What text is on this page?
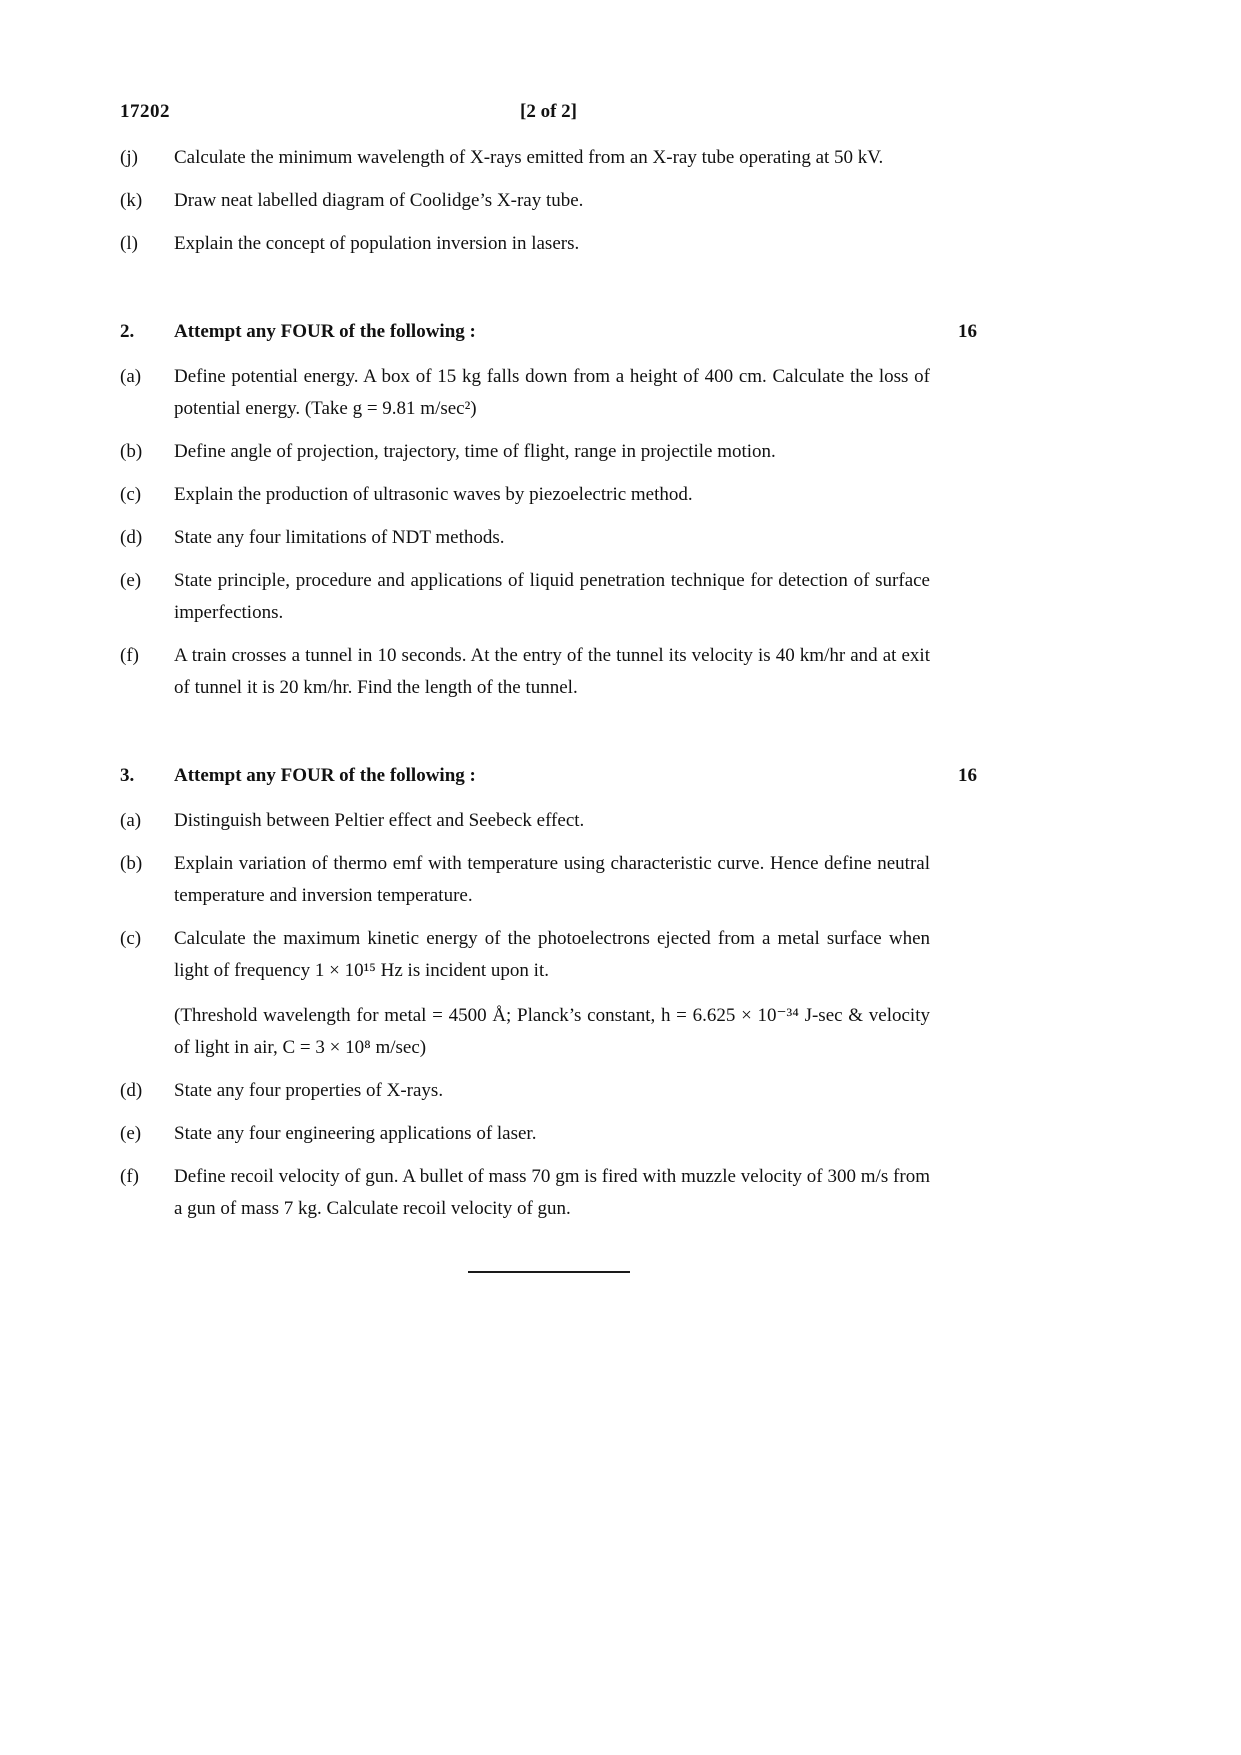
17202	[2 of 2]
(j)	Calculate the minimum wavelength of X-rays emitted from an X-ray tube operating at 50 kV.
(k)	Draw neat labelled diagram of Coolidge’s X-ray tube.
(l)	Explain the concept of population inversion in lasers.
2.	Attempt any FOUR of the following :	16
(a)	Define potential energy. A box of 15 kg falls down from a height of 400 cm. Calculate the loss of potential energy. (Take g = 9.81 m/sec²)
(b)	Define angle of projection, trajectory, time of flight, range in projectile motion.
(c)	Explain the production of ultrasonic waves by piezoelectric method.
(d)	State any four limitations of NDT methods.
(e)	State principle, procedure and applications of liquid penetration technique for detection of surface imperfections.
(f)	A train crosses a tunnel in 10 seconds. At the entry of the tunnel its velocity is 40 km/hr and at exit of tunnel it is 20 km/hr. Find the length of the tunnel.
3.	Attempt any FOUR of the following :	16
(a)	Distinguish between Peltier effect and Seebeck effect.
(b)	Explain variation of thermo emf with temperature using characteristic curve. Hence define neutral temperature and inversion temperature.
(c)	Calculate the maximum kinetic energy of the photoelectrons ejected from a metal surface when light of frequency 1 × 10¹⁵ Hz is incident upon it.
(Threshold wavelength for metal = 4500 Å; Planck’s constant, h = 6.625 × 10⁻³⁴ J-sec & velocity of light in air, C = 3 × 10⁸ m/sec)
(d)	State any four properties of X-rays.
(e)	State any four engineering applications of laser.
(f)	Define recoil velocity of gun. A bullet of mass 70 gm is fired with muzzle velocity of 300 m/s from a gun of mass 7 kg. Calculate recoil velocity of gun.
